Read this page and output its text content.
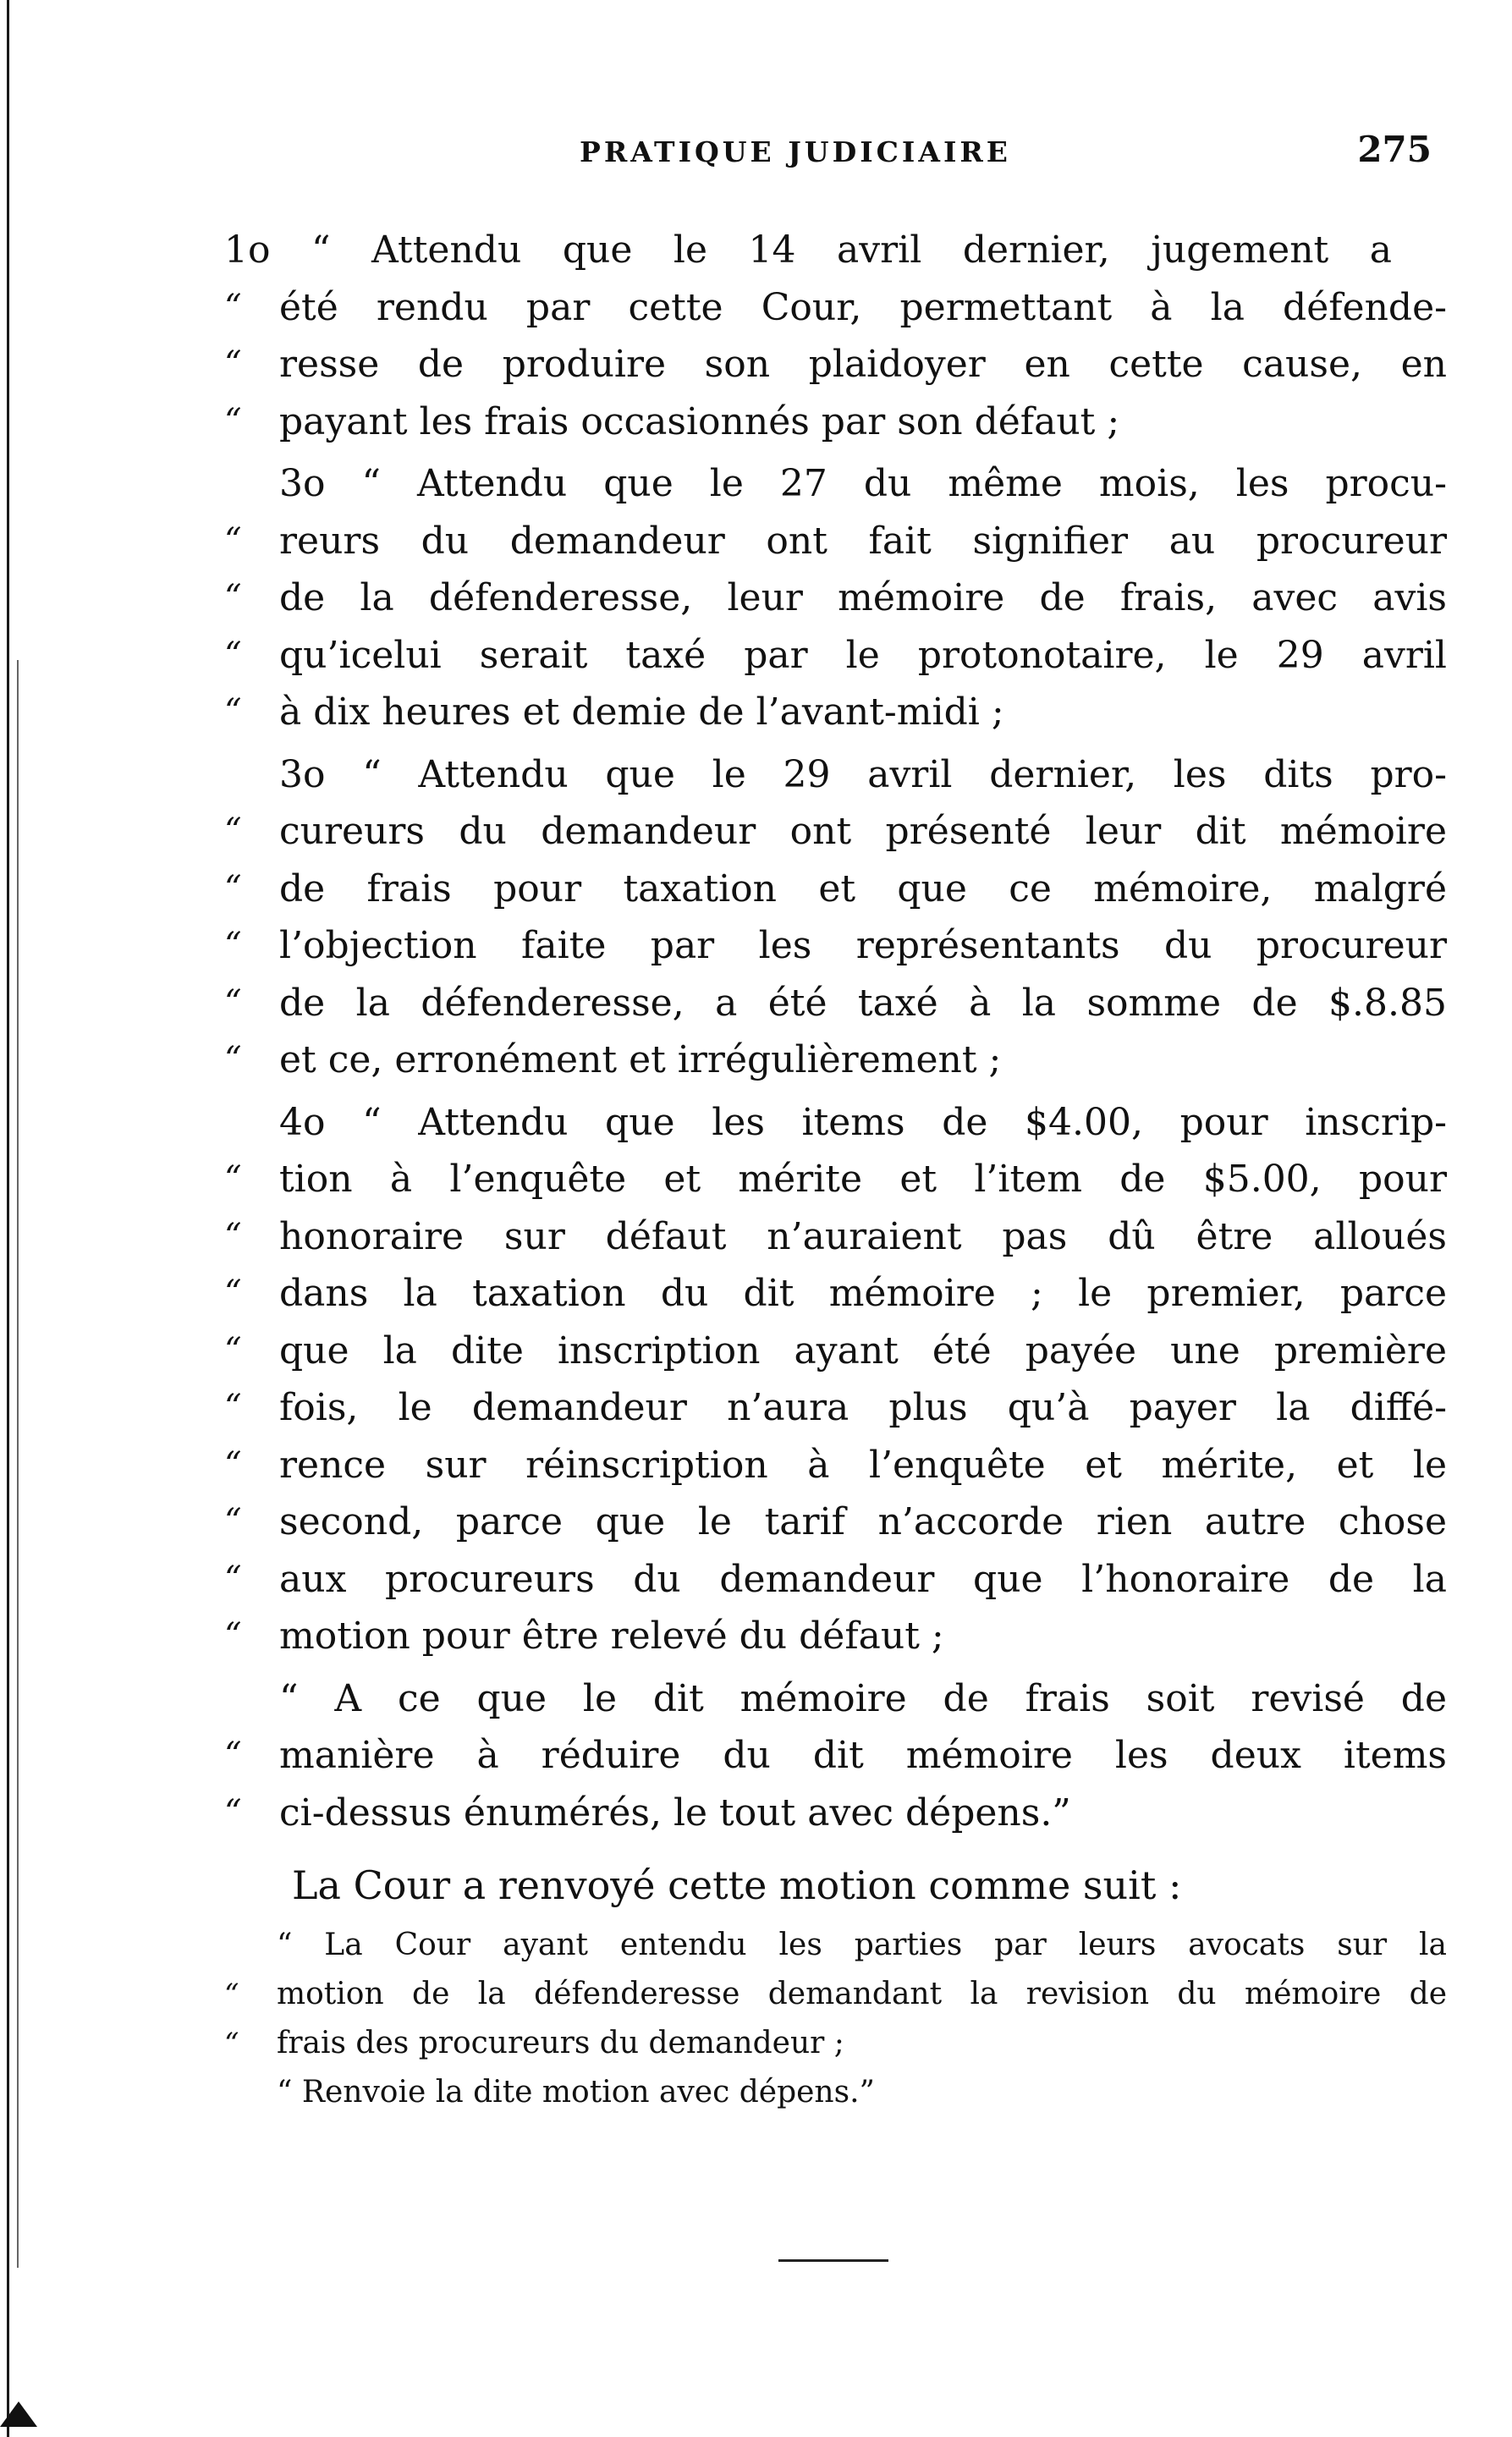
PRATIQUE JUDICIAIRE	275
1o “ Attendu que le 14 avril dernier, jugement a
“	été rendu par cette Cour, permettant à la défende-
“	resse de produire son plaidoyer en cette cause, en
“	payant les frais occasionnés par son défaut ;
3o “ Attendu que le 27 du même mois, les procu-
“	reurs du demandeur ont fait signifier au procureur
“	de la défenderesse, leur mémoire de frais, avec avis
“	qu’icelui serait taxé par le protonotaire, le 29 avril
“	à dix heures et demie de l’avant-midi ;
3o “ Attendu que le 29 avril dernier, les dits pro-
“	cureurs du demandeur ont présenté leur dit mémoire
“	de frais pour taxation et que ce mémoire, malgré
“	l’objection faite par les représentants du procureur
“	de la défenderesse, a été taxé à la somme de $.8.85
“	et ce, erronément et irrégulièrement ;
4o “ Attendu que les items de $4.00, pour inscrip-
“	tion à l’enquête et mérite et l’item de $5.00, pour
“	honoraire sur défaut n’auraient pas dû être alloués
“	dans la taxation du dit mémoire ; le premier, parce
“	que la dite inscription ayant été payée une première
“	fois, le demandeur n’aura plus qu’à payer la diffé-
“	rence sur réinscription à l’enquête et mérite, et le
“	second, parce que le tarif n’accorde rien autre chose
“	aux procureurs du demandeur que l’honoraire de la
“	motion pour être relevé du défaut ;
“ A ce que le dit mémoire de frais soit revisé de
“	manière à réduire du dit mémoire les deux items
“	ci-dessus énumérés, le tout avec dépens.”
La Cour a renvoyé cette motion comme suit :
“ La Cour ayant entendu les parties par leurs avocats sur la
“	motion de la défenderesse demandant la revision du mémoire de
“	frais des procureurs du demandeur ;
“ Renvoie la dite motion avec dépens.”
